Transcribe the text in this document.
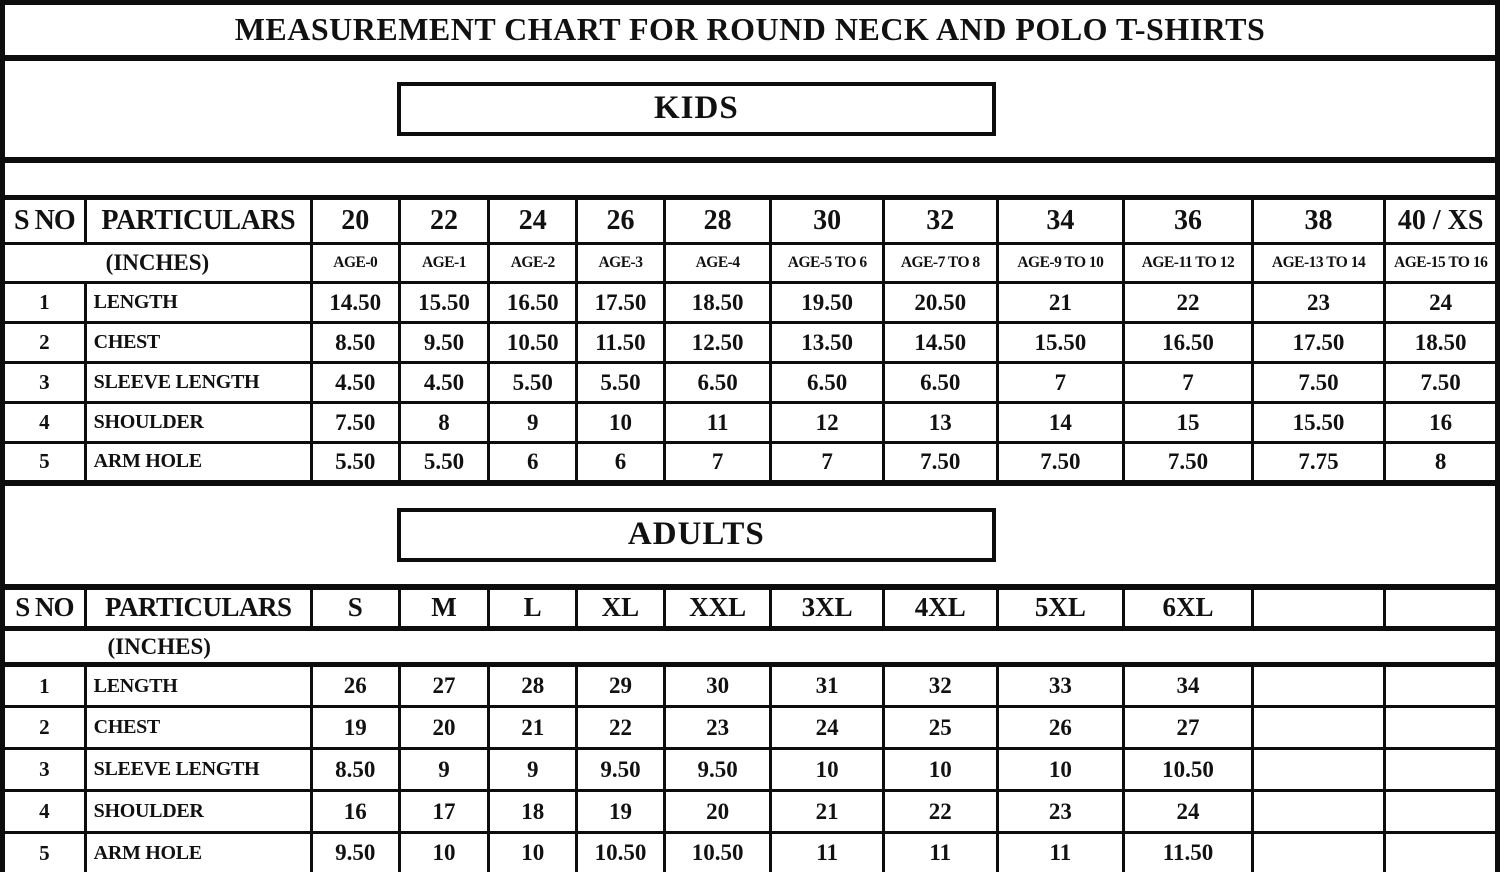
MEASUREMENT CHART FOR ROUND NECK AND POLO T-SHIRTS												

KIDS												

S NO	PARTICULARS	20	22	24	26	28	30	32	34	36	38	40 / XS
(INCHES)		AGE-0	AGE-1	AGE-2	AGE-3	AGE-4	AGE-5 TO 6	AGE-7 TO 8	AGE-9 TO 10	AGE-11 TO 12	AGE-13 TO 14	AGE-15 TO 16
1	LENGTH	14.50	15.50	16.50	17.50	18.50	19.50	20.50	21	22	23	24
2	CHEST	8.50	9.50	10.50	11.50	12.50	13.50	14.50	15.50	16.50	17.50	18.50
3	SLEEVE LENGTH	4.50	4.50	5.50	5.50	6.50	6.50	6.50	7	7	7.50	7.50
4	SHOULDER	7.50	8	9	10	11	12	13	14	15	15.50	16
5	ARM HOLE	5.50	5.50	6	6	7	7	7.50	7.50	7.50	7.75	8

ADULTS												

S NO	PARTICULARS	S	M	L	XL	XXL	3XL	4XL	5XL	6XL		

(INCHES)												

1	LENGTH	26	27	28	29	30	31	32	33	34		
2	CHEST	19	20	21	22	23	24	25	26	27		
3	SLEEVE LENGTH	8.50	9	9	9.50	9.50	10	10	10	10.50		
4	SHOULDER	16	17	18	19	20	21	22	23	24		
5	ARM HOLE	9.50	10	10	10.50	10.50	11	11	11	11.50		
